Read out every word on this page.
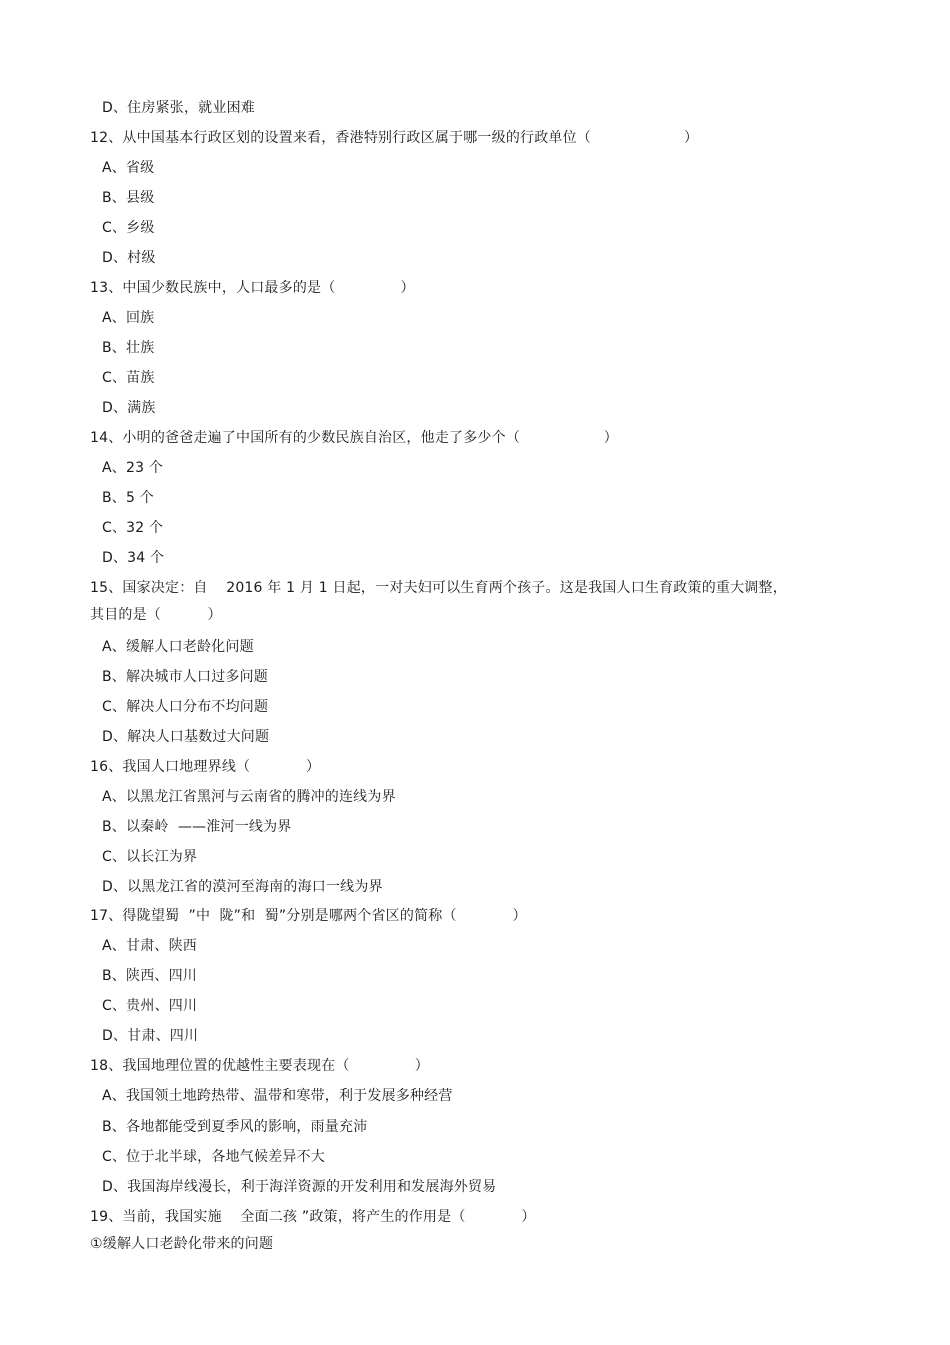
D、住房紧张，就业困难
12、从中国基本行政区划的设置来看，香港特别行政区属于哪一级的行政单位（                    ）
A、省级
B、县级
C、乡级
D、村级
13、中国少数民族中，人口最多的是（              ）
A、回族
B、壮族
C、苗族
D、满族
14、小明的爸爸走遍了中国所有的少数民族自治区，他走了多少个（                  ）
A、23 个
B、5 个
C、32 个
D、34 个
15、国家决定：自    2016 年 1 月 1 日起，一对夫妇可以生育两个孩子。这是我国人口生育政策的重大调整，
其目的是（          ）
A、缓解人口老龄化问题
B、解决城市人口过多问题
C、解决人口分布不均问题
D、解决人口基数过大问题
16、我国人口地理界线（            ）
A、以黑龙江省黑河与云南省的腾冲的连线为界
B、以秦岭  ——淮河一线为界
C、以长江为界
D、以黑龙江省的漠河至海南的海口一线为界
17、得陇望蜀  ”中  陇”和  蜀”分别是哪两个省区的简称（            ）
A、甘肃、陕西
B、陕西、四川
C、贵州、四川
D、甘肃、四川
18、我国地理位置的优越性主要表现在（              ）
A、我国领土地跨热带、温带和寒带，利于发展多种经营
B、各地都能受到夏季风的影响，雨量充沛
C、位于北半球，各地气候差异不大
D、我国海岸线漫长，利于海洋资源的开发利用和发展海外贸易
19、当前，我国实施    全面二孩 ”政策，将产生的作用是（            ）
①缓解人口老龄化带来的问题
